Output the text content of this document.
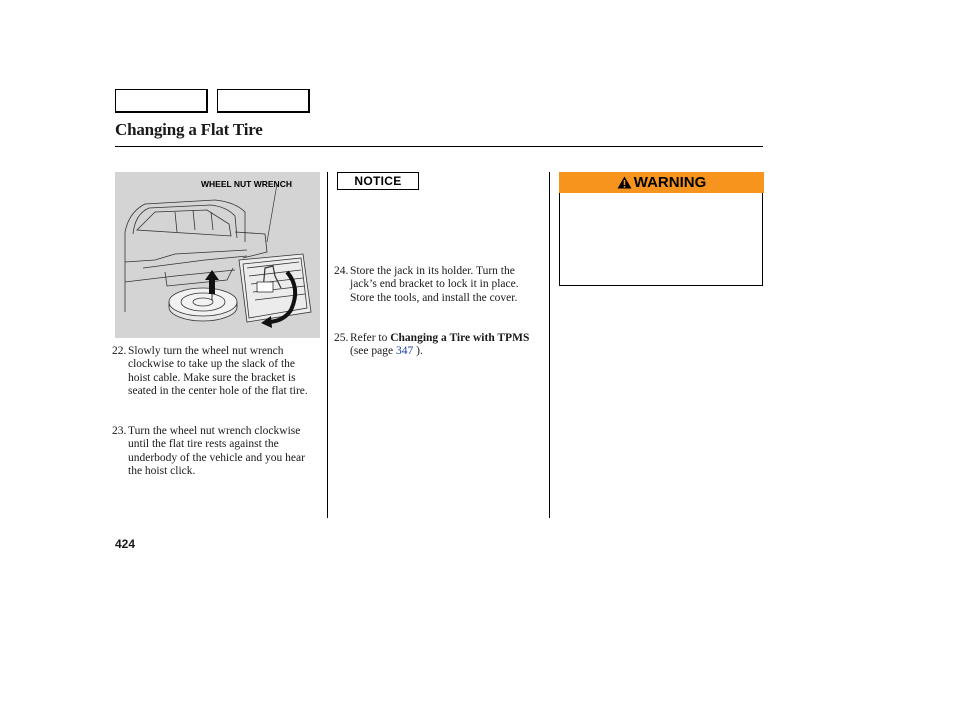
Changing a Flat Tire
WHEEL NUT WRENCH
22. Slowly turn the wheel nut wrench clockwise to take up the slack of the hoist cable. Make sure the bracket is seated in the center hole of the flat tire.
23. Turn the wheel nut wrench clockwise until the flat tire rests against the underbody of the vehicle and you hear the hoist click.
NOTICE
24. Store the jack in its holder. Turn the jack’s end bracket to lock it in place. Store the tools, and install the cover.
25. Refer to Changing a Tire with TPMS (see page 347 ).
WARNING
424
